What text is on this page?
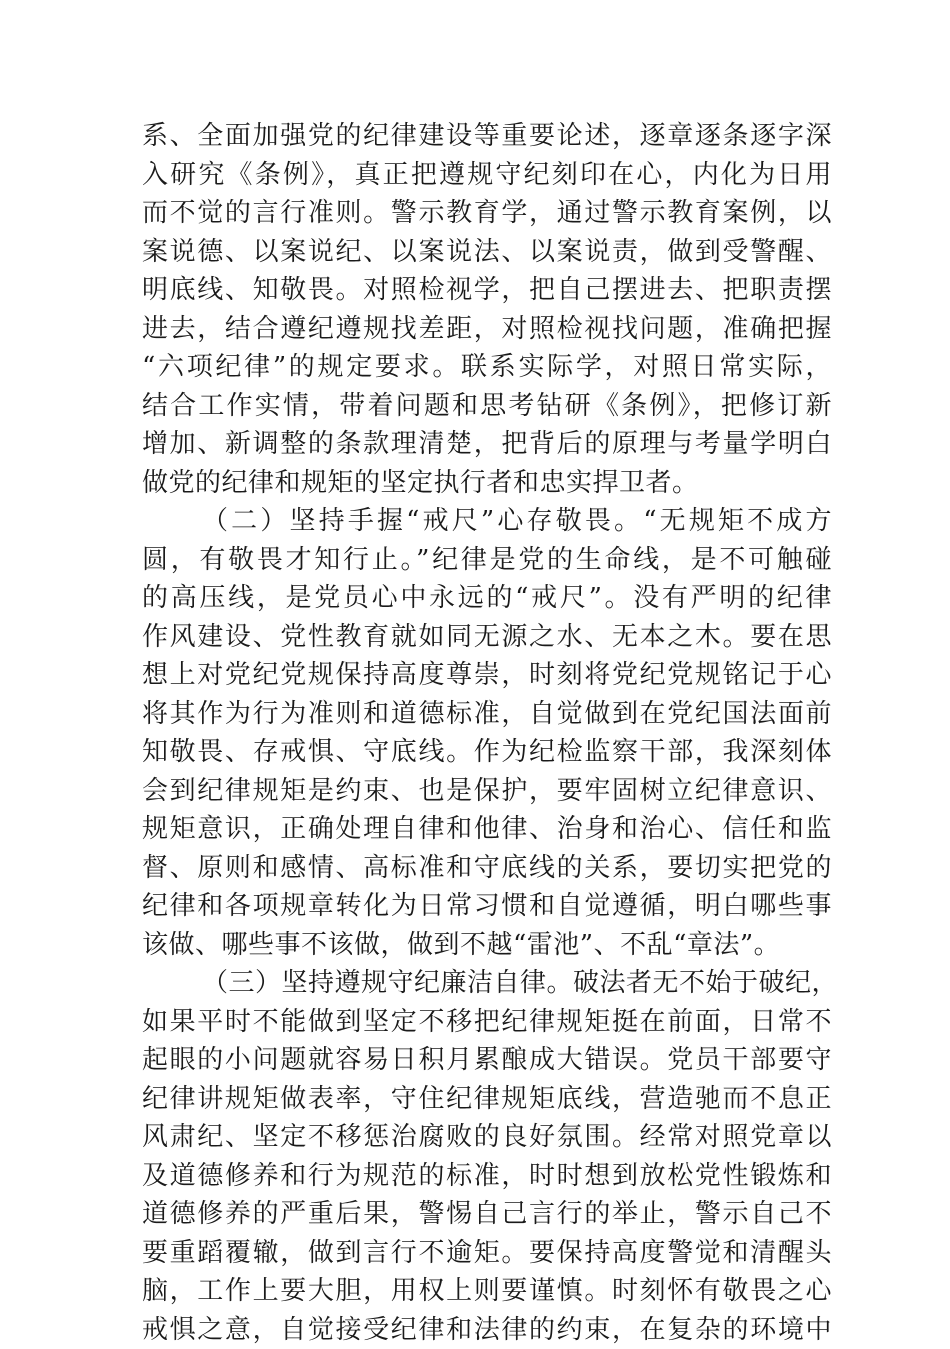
系、全面加强党的纪律建设等重要论述，逐章逐条逐字深
入研究《条例》，真正把遵规守纪刻印在心，内化为日用
而不觉的言行准则。警示教育学，通过警示教育案例，以
案说德、以案说纪、以案说法、以案说责，做到受警醒、
明底线、知敬畏。对照检视学，把自己摆进去、把职责摆
进去，结合遵纪遵规找差距，对照检视找问题，准确把握
“六项纪律”的规定要求。联系实际学，对照日常实际，
结合工作实情，带着问题和思考钻研《条例》，把修订新
增加、新调整的条款理清楚，把背后的原理与考量学明白
做党的纪律和规矩的坚定执行者和忠实捍卫者。
（二）坚持手握“戒尺”心存敬畏。“无规矩不成方
圆，有敬畏才知行止。”纪律是党的生命线，是不可触碰
的高压线，是党员心中永远的“戒尺”。没有严明的纪律
作风建设、党性教育就如同无源之水、无本之木。要在思
想上对党纪党规保持高度尊崇，时刻将党纪党规铭记于心
将其作为行为准则和道德标准，自觉做到在党纪国法面前
知敬畏、存戒惧、守底线。作为纪检监察干部，我深刻体
会到纪律规矩是约束、也是保护，要牢固树立纪律意识、
规矩意识，正确处理自律和他律、治身和治心、信任和监
督、原则和感情、高标准和守底线的关系，要切实把党的
纪律和各项规章转化为日常习惯和自觉遵循，明白哪些事
该做、哪些事不该做，做到不越“雷池”、不乱“章法”。
（三）坚持遵规守纪廉洁自律。破法者无不始于破纪，
如果平时不能做到坚定不移把纪律规矩挺在前面，日常不
起眼的小问题就容易日积月累酿成大错误。党员干部要守
纪律讲规矩做表率，守住纪律规矩底线，营造驰而不息正
风肃纪、坚定不移惩治腐败的良好氛围。经常对照党章以
及道德修养和行为规范的标准，时时想到放松党性锻炼和
道德修养的严重后果，警惕自己言行的举止，警示自己不
要重蹈覆辙，做到言行不逾矩。要保持高度警觉和清醒头
脑，工作上要大胆，用权上则要谨慎。时刻怀有敬畏之心
戒惧之意，自觉接受纪律和法律的约束，在复杂的环境中
